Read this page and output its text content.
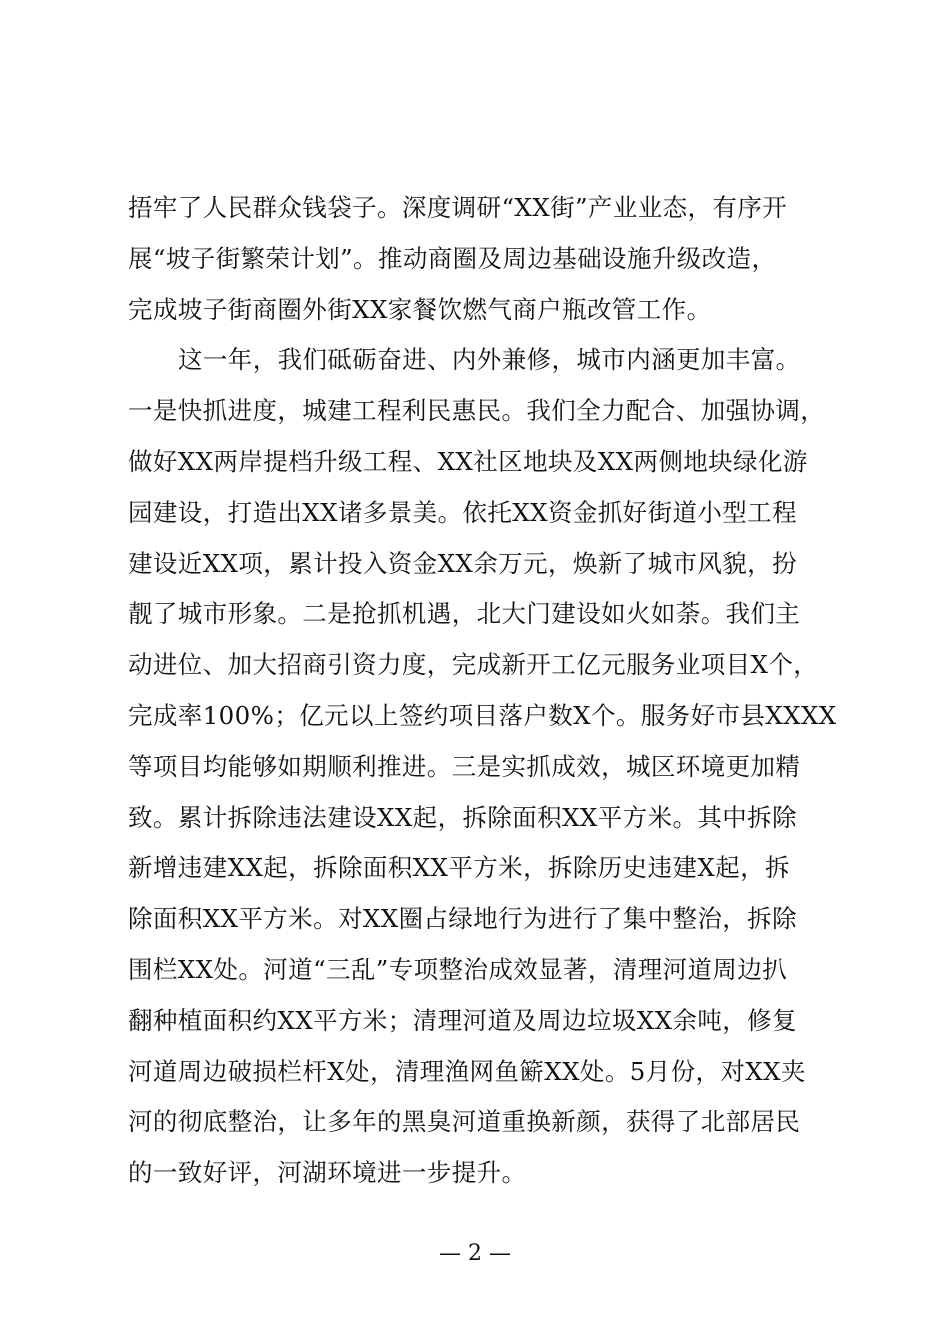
捂牢了人民群众钱袋子。深度调研“XX街”产业业态，有序开
展“坡子街繁荣计划”。推动商圈及周边基础设施升级改造，
完成坡子街商圈外街XX家餐饮燃气商户瓶改管工作。
这一年，我们砥砺奋进、内外兼修，城市内涵更加丰富。
一是快抓进度，城建工程利民惠民。我们全力配合、加强协调，
做好XX两岸提档升级工程、XX社区地块及XX两侧地块绿化游
园建设，打造出XX诸多景美。依托XX资金抓好街道小型工程
建设近XX项，累计投入资金XX余万元，焕新了城市风貌，扮
靓了城市形象。二是抢抓机遇，北大门建设如火如荼。我们主
动进位、加大招商引资力度，完成新开工亿元服务业项目X个，
完成率100%；亿元以上签约项目落户数X个。服务好市县XXXX
等项目均能够如期顺利推进。三是实抓成效，城区环境更加精
致。累计拆除违法建设XX起，拆除面积XX平方米。其中拆除
新增违建XX起，拆除面积XX平方米，拆除历史违建X起，拆
除面积XX平方米。对XX圈占绿地行为进行了集中整治，拆除
围栏XX处。河道“三乱”专项整治成效显著，清理河道周边扒
翻种植面积约XX平方米；清理河道及周边垃圾XX余吨，修复
河道周边破损栏杆X处，清理渔网鱼簖XX处。5月份，对XX夹
河的彻底整治，让多年的黑臭河道重换新颜，获得了北部居民
的一致好评，河湖环境进一步提升。
— 2 —
